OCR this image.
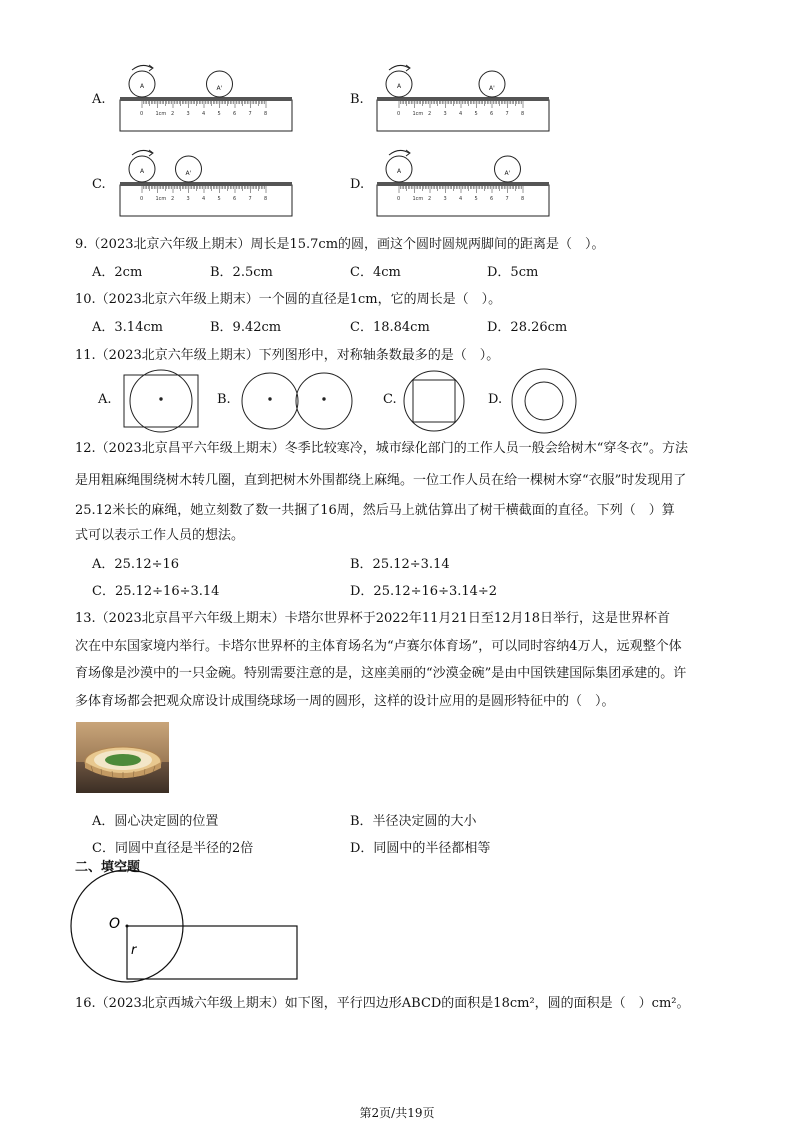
A.	B.
C.	D.
0 1cm 2 3 4 5 6 7 8
A	A'
0 1cm 2 3 4 5 6 7 8
A	A'
0 1cm 2 3 4 5 6 7 8
A	A'
0 1cm 2 3 4 5 6 7 8
A	A'
9.（2023北京六年级上期末）周长是15.7cm的圆，画这个圆时圆规两脚间的距离是（　）。
A．2cm	B．2.5cm	C．4cm	D．5cm
10.（2023北京六年级上期末）一个圆的直径是1cm，它的周长是（　）。
A．3.14cm	B．9.42cm	C．18.84cm	D．28.26cm
11.（2023北京六年级上期末）下列图形中，对称轴条数最多的是（　）。
A.	B.	C.	D.
12.（2023北京昌平六年级上期末）冬季比较寒冷，城市绿化部门的工作人员一般会给树木“穿冬衣”。方法
是用粗麻绳围绕树木转几圈，直到把树木外围都绕上麻绳。一位工作人员在给一棵树木穿“衣服”时发现用了
25.12米长的麻绳，她立刻数了数一共捆了16周，然后马上就估算出了树干横截面的直径。下列（　）算
式可以表示工作人员的想法。
A．25.12÷16	B．25.12÷3.14
C．25.12÷16÷3.14	D．25.12÷16÷3.14÷2
13.（2023北京昌平六年级上期末）卡塔尔世界杯于2022年11月21日至12月18日举行，这是世界杯首
次在中东国家境内举行。卡塔尔世界杯的主体育场名为“卢赛尔体育场”，可以同时容纳4万人，远观整个体
育场像是沙漠中的一只金碗。特别需要注意的是，这座美丽的“沙漠金碗”是由中国铁建国际集团承建的。许
多体育场都会把观众席设计成围绕球场一周的圆形，这样的设计应用的是圆形特征中的（　）。
A．圆心决定圆的位置	B．半径决定圆的大小
C．同圆中直径是半径的2倍	D．同圆中的半径都相等
二、填空题
O
r
16.（2023北京西城六年级上期末）如下图，平行四边形ABCD的面积是18cm²，圆的面积是（　）cm²。
第2页/共19页
